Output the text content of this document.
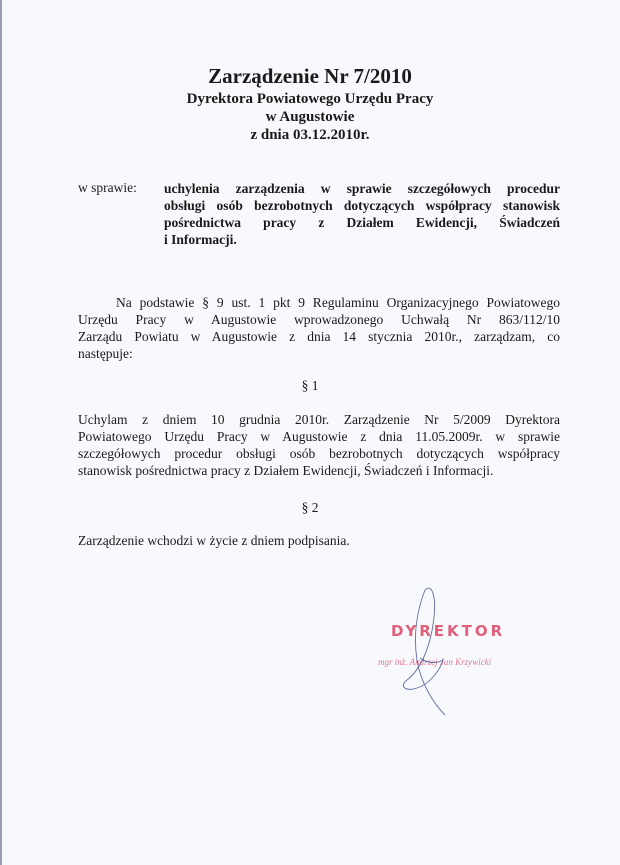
Zarządzenie Nr 7/2010
Dyrektora Powiatowego Urzędu Pracy
w Augustowie
z dnia 03.12.2010r.
w sprawie: uchylenia zarządzenia w sprawie szczegółowych procedur
obsługi osób bezrobotnych dotyczących współpracy stanowisk
pośrednictwa pracy z Działem Ewidencji, Świadczeń
i Informacji.
Na podstawie § 9 ust. 1 pkt 9 Regulaminu Organizacyjnego Powiatowego
Urzędu Pracy w Augustowie wprowadzonego Uchwałą Nr 863/112/10
Zarządu Powiatu w Augustowie z dnia 14 stycznia 2010r., zarządzam, co
następuje:
§ 1
Uchylam z dniem 10 grudnia 2010r. Zarządzenie Nr 5/2009 Dyrektora
Powiatowego Urzędu Pracy w Augustowie z dnia 11.05.2009r. w sprawie
szczegółowych procedur obsługi osób bezrobotnych dotyczących współpracy
stanowisk pośrednictwa pracy z Działem Ewidencji, Świadczeń i Informacji.
§ 2
Zarządzenie wchodzi w życie z dniem podpisania.
DYREKTOR
mgr inż. Andrzej Jan Krzywicki
